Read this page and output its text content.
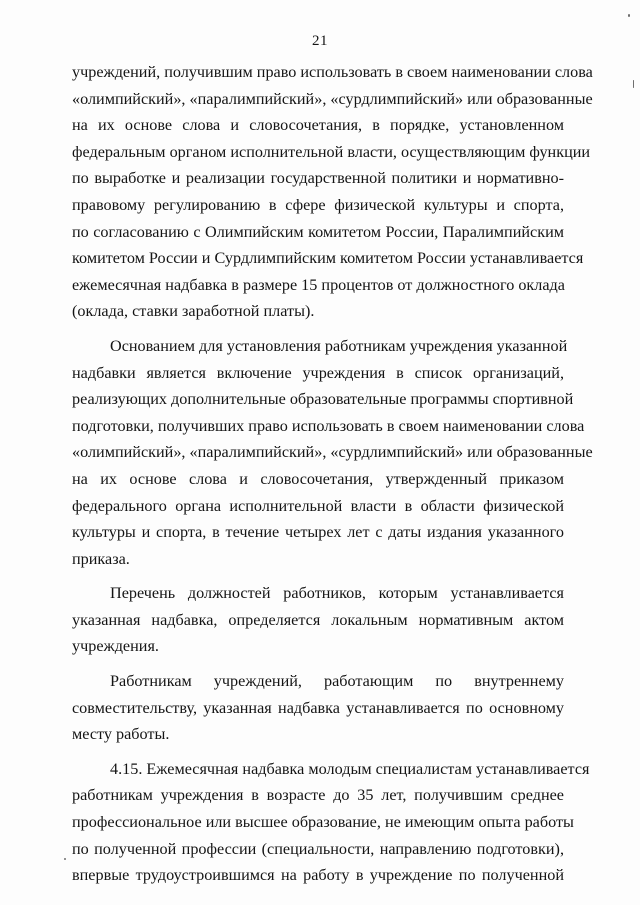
21
учреждений, получившим право использовать в своем наименовании слова
«олимпийский», «паралимпийский», «сурдлимпийский» или образованные
на их основе слова и словосочетания, в порядке, установленном
федеральным органом исполнительной власти, осуществляющим функции
по выработке и реализации государственной политики и нормативно-
правовому регулированию в сфере физической культуры и спорта,
по согласованию с Олимпийским комитетом России, Паралимпийским
комитетом России и Сурдлимпийским комитетом России устанавливается
ежемесячная надбавка в размере 15 процентов от должностного оклада
(оклада, ставки заработной платы).
Основанием для установления работникам учреждения указанной
надбавки является включение учреждения в список организаций,
реализующих дополнительные образовательные программы спортивной
подготовки, получивших право использовать в своем наименовании слова
«олимпийский», «паралимпийский», «сурдлимпийский» или образованные
на их основе слова и словосочетания, утвержденный приказом
федерального органа исполнительной власти в области физической
культуры и спорта, в течение четырех лет с даты издания указанного
приказа.
Перечень должностей работников, которым устанавливается
указанная надбавка, определяется локальным нормативным актом
учреждения.
Работникам учреждений, работающим по внутреннему
совместительству, указанная надбавка устанавливается по основному
месту работы.
4.15. Ежемесячная надбавка молодым специалистам устанавливается
работникам учреждения в возрасте до 35 лет, получившим среднее
профессиональное или высшее образование, не имеющим опыта работы
по полученной профессии (специальности, направлению подготовки),
впервые трудоустроившимся на работу в учреждение по полученной
